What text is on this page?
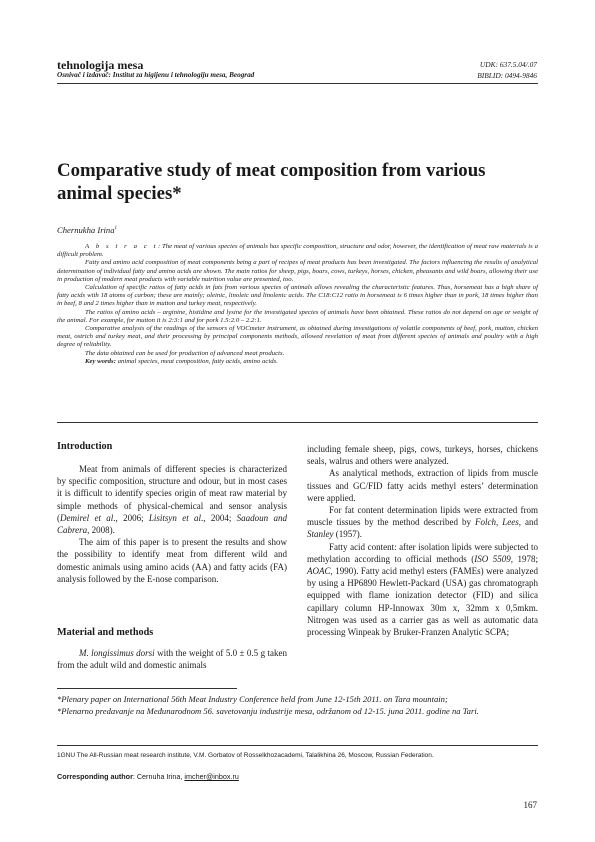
tehnologija mesa
Osnivač i izdavač: Institut za higijenu i tehnologiju mesa, Beograd
UDK: 637.5.04/.07
BIBLID: 0494-9846
Comparative study of meat composition from various animal species*
Chernukha Irina$^1$

A b s t r a c t: The meat of various species of animals has specific composition, structure and odor, however, the identification of meat raw materials is a difficult problem.

Fatty and amino acid composition of meat components being a part of recipes of meat products has been investigated. The factors influencing the results of analytical determination of individual fatty and amino acids are shown. The main ratios for sheep, pigs, boars, cows, turkeys, horses, chicken, pheasants and wild boars, allowing their use in production of modern meat products with variable nutrition value are presented, too.

Calculation of specific ratios of fatty acids in fats from various species of animals allows revealing the characteristic features. Thus, horsemeat has a high share of fatty acids with 18 atoms of carbon; these are mainly; oleinic, linoleic and linolenic acids. The C18:C12 ratio in horsemeat is 6 times higher than in pork, 18 times higher than in beef, 8 and 2 times higher than in mutton and turkey meat, respectively.

The ratios of amino acids – arginine, histidine and lysine for the investigated species of animals have been obtained. These ratios do not depend on age or weight of the animal. For example, for mutton it is 2:3:1 and for pork 1.5:2.0 – 2.2:1.

Comparative analysis of the readings of the sensors of VOCmeter instrument, as obtained during investigations of volatile components of beef, pork, mutton, chicken meat, ostrich and turkey meat, and their processing by principal components methods, allowed revelation of meat from different species of animals and poultry with a high degree of reliability.

The data obtained can be used for production of advanced meat products.

Key words: animal species, meat composition, fatty acids, amino acids.

Introduction

Meat from animals of different species is characterized by specific composition, structure and odour, but in most cases it is difficult to identify species origin of meat raw material by simple methods of physical-chemical and sensor analysis (Demirel et al., 2006; Lisitsyn et al., 2004; Saadoun and Cabrera, 2008).

The aim of this paper is to present the results and show the possibility to identify meat from different wild and domestic animals using amino acids (AA) and fatty acids (FA) analysis followed by the E-nose comparison.

Material and methods

M. longissimus dorsi with the weight of 5.0 ± 0.5 g taken from the adult wild and domestic animals

including female sheep, pigs, cows, turkeys, horses, chickens seals, walrus and others were analyzed.

As analytical methods, extraction of lipids from muscle tissues and GC/FID fatty acids methyl esters’ determination were applied.

For fat content determination lipids were extracted from muscle tissues by the method described by Folch, Lees, and Stanley (1957).

Fatty acid content: after isolation lipids were subjected to methylation according to official methods (ISO 5509, 1978; AOAC, 1990). Fatty acid methyl esters (FAMEs) were analyzed by using a HP6890 Hewlett-Packard (USA) gas chromatograph equipped with flame ionization detector (FID) and silica capillary column HP-Innowax 30m x, 32mm x 0,5mkm. Nitrogen was used as a carrier gas as well as automatic data processing Winpeak by Bruker-Franzen Analytic SCPA;

*Plenary paper on International 56th Meat Industry Conference held from June 12-15th 2011. on Tara mountain;

*Plenarno predavanje na Međunarodnom 56. savetovanju industrije mesa, održanom od 12-15. juna 2011. godine na Tari.

1GNU The All-Russian meat research institute, V.M. Gorbatov of Rosselkhozacademi, Talalikhina 26, Moscow, Russian Federation.
Corresponding author: Cernuha Irina, imcher@inbox.ru
167
